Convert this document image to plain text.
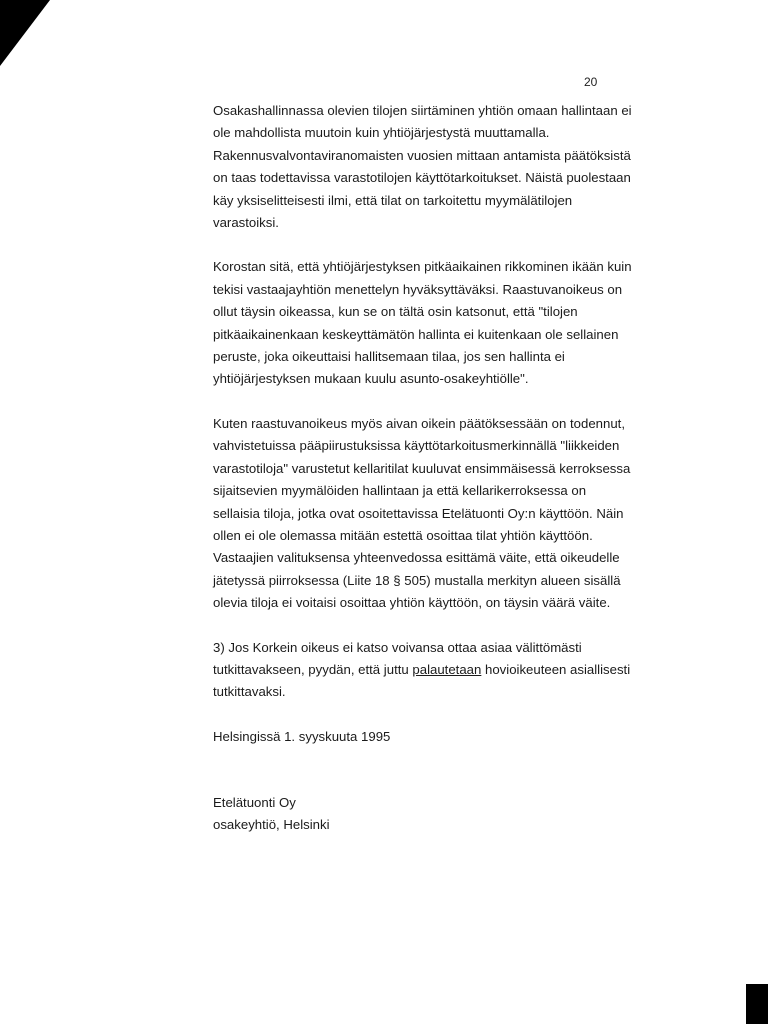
20

Osakashallinnassa olevien tilojen siirtäminen yhtiön omaan hallintaan ei ole mahdollista muutoin kuin yhtiöjärjestystä muuttamalla. Rakennusvalvontaviranomaisten vuosien mittaan antamista päätöksistä on taas todettavissa varastotilojen käyttötarkoitukset. Näistä puolestaan käy yksiselitteisesti ilmi, että tilat on tarkoitettu myymälätilojen varastoiksi.

Korostan sitä, että yhtiöjärjestyksen pitkäaikainen rikkominen ikään kuin tekisi vastaajayhtiön menettelyn hyväksyttäväksi. Raastuvanoikeus on ollut täysin oikeassa, kun se on tältä osin katsonut, että "tilojen pitkäaikainenkaan keskeyttämätön hallinta ei kuitenkaan ole sellainen peruste, joka oikeuttaisi hallitsemaan tilaa, jos sen hallinta ei yhtiöjärjestyksen mukaan kuulu asunto-osakeyhtiölle".

Kuten raastuvanoikeus myös aivan oikein päätöksessään on todennut, vahvistetuissa pääpiirustuksissa käyttötarkoitusmerkinnällä "liikkeiden varastotiloja" varustetut kellaritilat kuuluvat ensimmäisessä kerroksessa sijaitsevien myymälöiden hallintaan ja että kellarikerroksessa on sellaisia tiloja, jotka ovat osoitettavissa Etelätuonti Oy:n käyttöön. Näin ollen ei ole olemassa mitään estettä osoittaa tilat yhtiön käyttöön. Vastaajien valituksensa yhteenvedossa esittämä väite, että oikeudelle jätetyssä piirroksessa (Liite 18 § 505) mustalla merkityn alueen sisällä olevia tiloja ei voitaisi osoittaa yhtiön käyttöön, on täysin väärä väite.

3) Jos Korkein oikeus ei katso voivansa ottaa asiaa välittömästi tutkittavakseen, pyydän, että juttu palautetaan hovioikeuteen asiallisesti tutkittavaksi.

Helsingissä 1. syyskuuta 1995

Etelätuonti Oy
osakeyhtiö, Helsinki
